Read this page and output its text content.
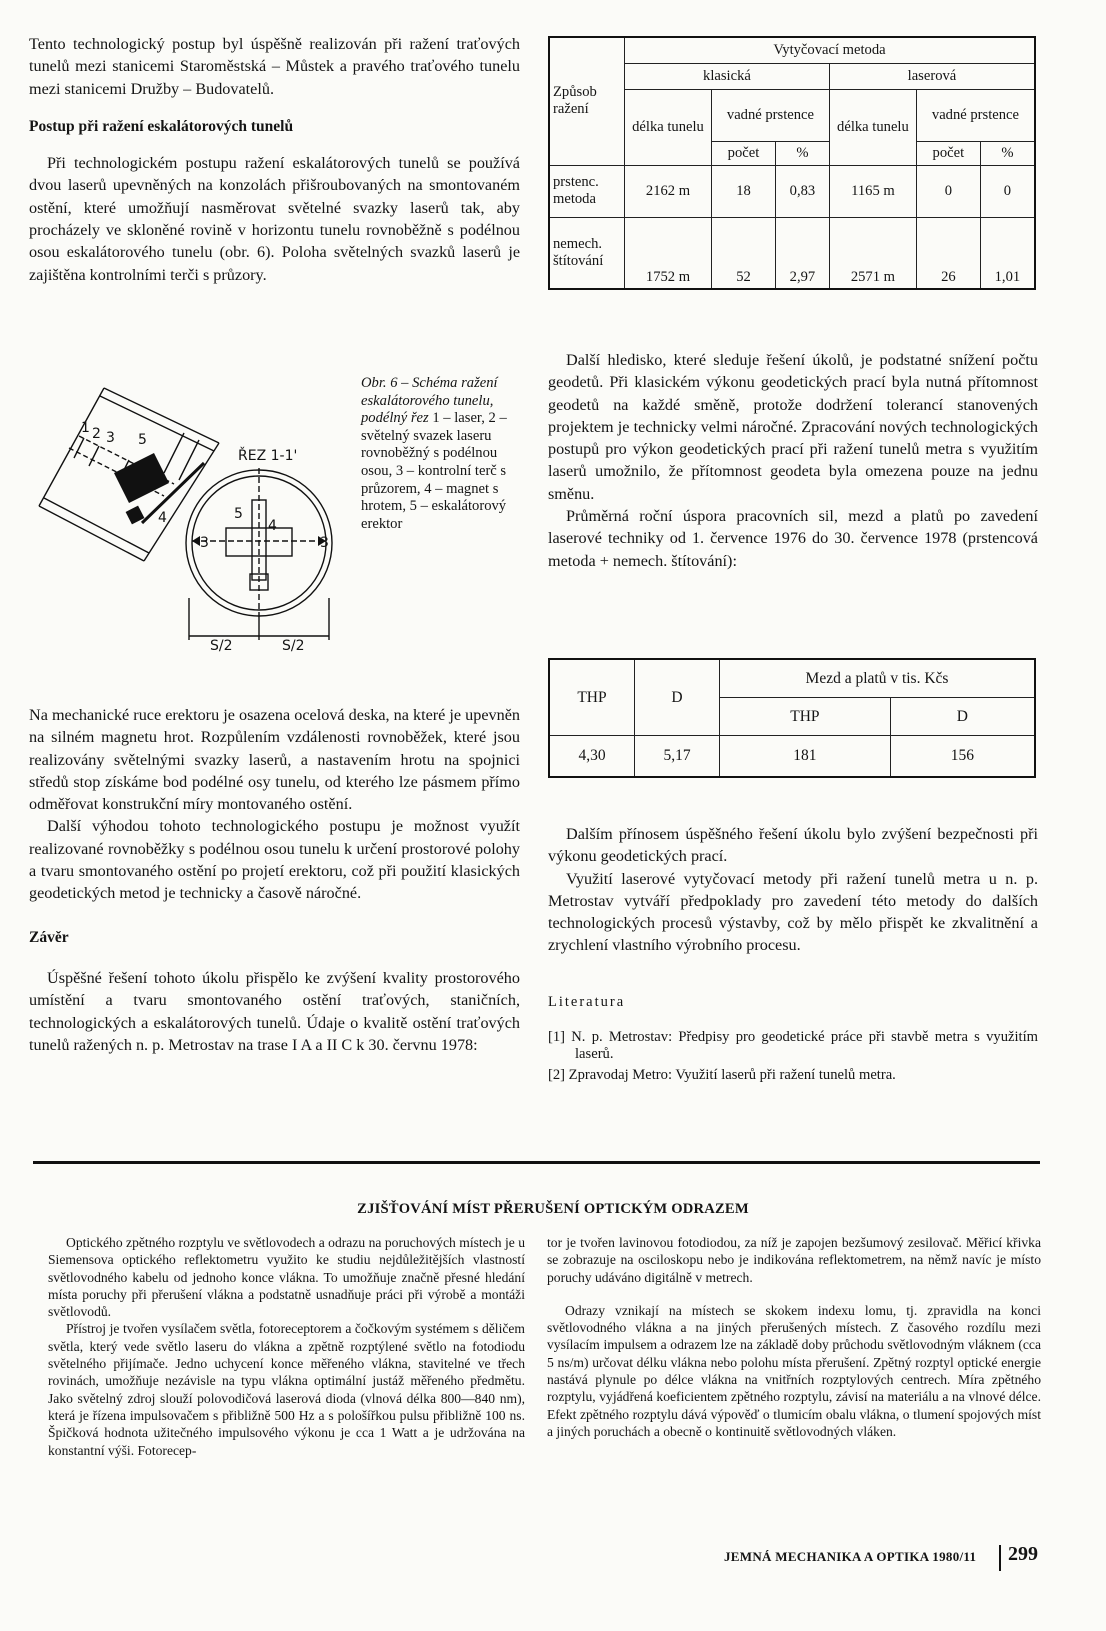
Tento technologický postup byl úspěšně realizován při ražení traťových tunelů mezi stanicemi Staroměstská – Můstek a pravého traťového tunelu mezi stanicemi Družby – Budovatelů.

Postup při ražení eskalátorových tunelů

Při technologickém postupu ražení eskalátorových tunelů se používá dvou laserů upevněných na konzolách přišroubovaných na smontovaném ostění, které umožňují nasměrovat světelné svazky laserů tak, aby procházely ve skloněné rovině v horizontu tunelu rovnoběžně s podélnou osou eskalátorového tunelu (obr. 6). Poloha světelných svazků laserů je zajištěna kontrolními terči s průzory.

1 2 3 5
4	5
4
3	3
ŘEZ 1-1'
S/2	S/2
Obr. 6 – Schéma ražení eskalátorového tunelu, podélný řez 1 – laser, 2 – světelný svazek laseru rovnoběžný s podélnou osou, 3 – kontrolní terč s průzorem, 4 – magnet s hrotem, 5 – eskalátorový erektor

Na mechanické ruce erektoru je osazena ocelová deska, na které je upevněn na silném magnetu hrot. Rozpůlením vzdálenosti rovnoběžek, které jsou realizovány světelnými svazky laserů, a nastavením hrotu na spojnici středů stop získáme bod podélné osy tunelu, od kterého lze pásmem přímo odměřovat konstrukční míry montovaného ostění.

Další výhodou tohoto technologického postupu je možnost využít realizované rovnoběžky s podélnou osou tunelu k určení prostorové polohy a tvaru smontovaného ostění po projetí erektoru, což při použití klasických geodetických metod je technicky a časově náročné.

Závěr

Úspěšné řešení tohoto úkolu přispělo ke zvýšení kvality prostorového umístění a tvaru smontovaného ostění traťových, staničních, technologických a eskalátorových tunelů. Údaje o kvalitě ostění traťových tunelů ražených n. p. Metrostav na trase I A a II C k 30. červnu 1978:

Způsob ražení	Vytyčovací metoda					
	klasická			laserová		
	délka tunelu	vadné prstence		délka tunelu	vadné prstence	
		počet	%		počet	%
prstenc. metoda	2162 m	18	0,83	1165 m	0	0
nemech. štítování	1752 m	52	2,97	2571 m	26	1,01

Další hledisko, které sleduje řešení úkolů, je podstatné snížení počtu geodetů. Při klasickém výkonu geodetických prací byla nutná přítomnost geodetů na každé směně, protože dodržení tolerancí stanovených projektem je technicky velmi náročné. Zpracování nových technologických postupů pro výkon geodetických prací při ražení tunelů metra s využitím laserů umožnilo, že přítomnost geodeta byla omezena pouze na jednu směnu.

Průměrná roční úspora pracovních sil, mezd a platů po zavedení laserové techniky od 1. července 1976 do 30. července 1978 (prstencová metoda + nemech. štítování):

THP	D	Mezd a platů v tis. Kčs	
		THP	D
4,30	5,17	181	156

Dalším přínosem úspěšného řešení úkolu bylo zvýšení bezpečnosti při výkonu geodetických prací.

Využití laserové vytyčovací metody při ražení tunelů metra u n. p. Metrostav vytváří předpoklady pro zavedení této metody do dalších technologických procesů výstavby, což by mělo přispět ke zkvalitnění a zrychlení vlastního výrobního procesu.

Literatura

[1] N. p. Metrostav: Předpisy pro geodetické práce při stavbě metra s využitím laserů.

[2] Zpravodaj Metro: Využití laserů při ražení tunelů metra.

ZJIŠŤOVÁNÍ MÍST PŘERUŠENÍ OPTICKÝM ODRAZEM

Optického zpětného rozptylu ve světlovodech a odrazu na poruchových místech je u Siemensova optického reflektometru využito ke studiu nejdůležitějších vlastností světlovodného kabelu od jednoho konce vlákna. To umožňuje značně přesné hledání místa poruchy při přerušení vlákna a podstatně usnadňuje práci při výrobě a montáži světlovodů.

Přístroj je tvořen vysílačem světla, fotoreceptorem a čočkovým systémem s děličem světla, který vede světlo laseru do vlákna a zpětně rozptýlené světlo na fotodiodu světelného přijímače. Jedno uchycení konce měřeného vlákna, stavitelné ve třech rovinách, umožňuje nezávisle na typu vlákna optimální justáž měřeného předmětu. Jako světelný zdroj slouží polovodičová laserová dioda (vlnová délka 800—840 nm), která je řízena impulsovačem s přibližně 500 Hz a s pološířkou pulsu přibližně 100 ns. Špičková hodnota užitečného impulsového výkonu je cca 1 Watt a je udržována na konstantní výši. Fotorecep-

tor je tvořen lavinovou fotodiodou, za níž je zapojen bezšumový zesilovač. Měřicí křivka se zobrazuje na osciloskopu nebo je indikována reflektometrem, na němž navíc je místo poruchy udáváno digitálně v metrech.

Odrazy vznikají na místech se skokem indexu lomu, tj. zpravidla na konci světlovodného vlákna a na jiných přerušených místech. Z časového rozdílu mezi vysílacím impulsem a odrazem lze na základě doby průchodu světlovodným vláknem (cca 5 ns/m) určovat délku vlákna nebo polohu místa přerušení. Zpětný rozptyl optické energie nastává plynule po délce vlákna na vnitřních rozptylových centrech. Míra zpětného rozptylu, vyjádřená koeficientem zpětného rozptylu, závisí na materiálu a na vlnové délce. Efekt zpětného rozptylu dává výpověď o tlumicím obalu vlákna, o tlumení spojových míst a jiných poruchách a obecně o kontinuitě světlovodných vláken.

JEMNÁ MECHANIKA A OPTIKA 1980/11 299
